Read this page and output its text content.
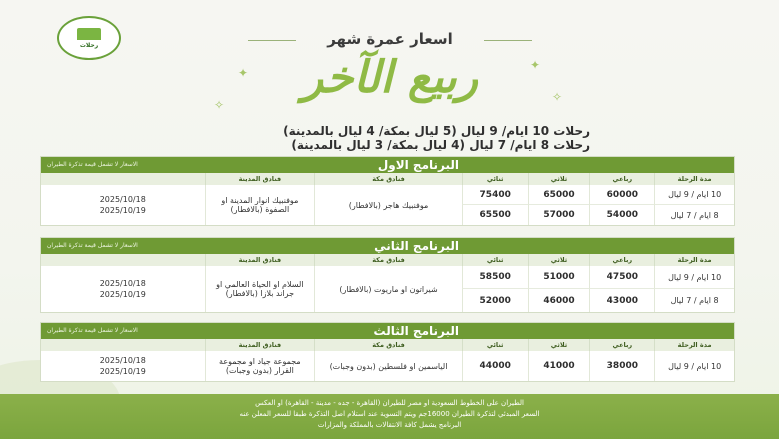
رحلات	اسعار عمرة شهر
✦
✦
✧
✧
ربيع الآخر
رحلات 10 ايام/ 9 ليال (5 ليال بمكة/ 4 ليال بالمدينة)
رحلات 8 ايام/ 7 ليال (4 ليال بمكة/ 3 ليال بالمدينة)
البرنامج الاول
الاسعار لا تشمل قيمة تذكرة الطيران
مدة الرحلة
رباعي
ثلاثي
ثنائي
فنادق مكة
فنادق المدينة
10 ايام / 9 ليال
8 ايام / 7 ليال
60000
54000
65000
57000
75400
65500
موفنبيك هاجر (بالافطار)
موفنبيك انوار المدينة او الصفوة (بالافطار)
2025/10/18
2025/10/19
البرنامج الثاني
الاسعار لا تشمل قيمة تذكرة الطيران
مدة الرحلة
رباعي
ثلاثي
ثنائي
فنادق مكة
فنادق المدينة
10 ايام / 9 ليال
8 ايام / 7 ليال
47500
43000
51000
46000
58500
52000
شيراتون او ماريوت (بالافطار)
السلام او الحياة العالمي او جراند بلازا (بالافطار)
2025/10/18
2025/10/19
البرنامج الثالث
الاسعار لا تشمل قيمة تذكرة الطيران
مدة الرحلة
رباعي
ثلاثي
ثنائي
فنادق مكة
فنادق المدينة
10 ايام / 9 ليال
38000
41000
44000
الياسمين او فلسطين (بدون وجبات)
مجموعة جياد او مجموعة القرار (بدون وجبات)
2025/10/18
2025/10/19
الطيران على الخطوط السعودية او مصر للطيران (القاهرة - جده - مدينة - القاهرة) او العكس
السعر المبدئي لتذكرة الطيران 16000جم ويتم التسوية عند استلام اصل التذكرة طبقا للسعر المعلن عنه
البرنامج يشمل كافة الانتقالات بالمملكة والمزارات
